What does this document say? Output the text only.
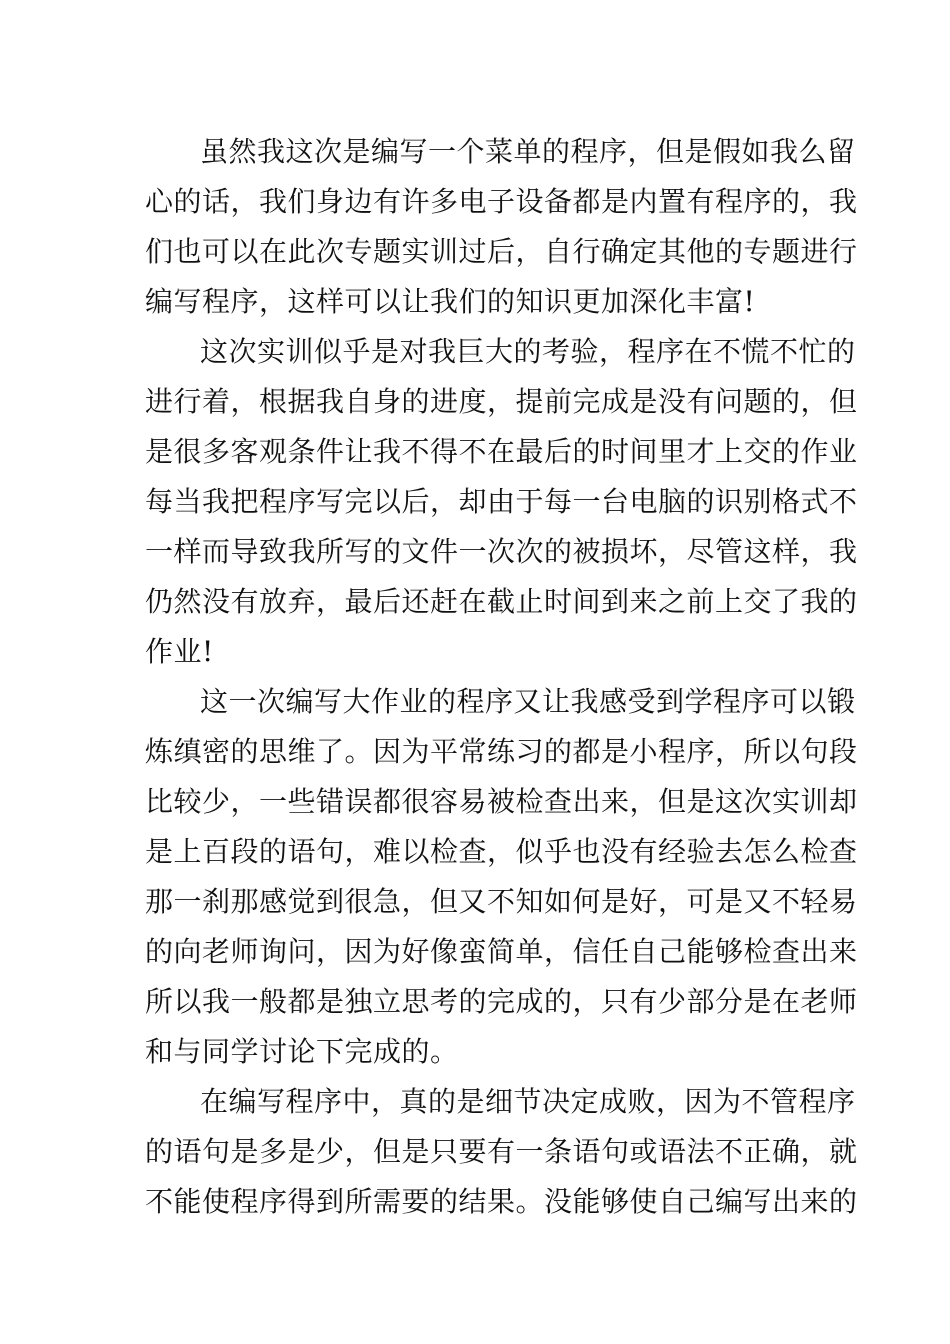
虽然我这次是编写一个菜单的程序，但是假如我么留

心的话，我们身边有许多电子设备都是内置有程序的，我

们也可以在此次专题实训过后，自行确定其他的专题进行

编写程序，这样可以让我们的知识更加深化丰富!

这次实训似乎是对我巨大的考验，程序在不慌不忙的

进行着，根据我自身的进度，提前完成是没有问题的，但

是很多客观条件让我不得不在最后的时间里才上交的作业

每当我把程序写完以后，却由于每一台电脑的识别格式不

一样而导致我所写的文件一次次的被损坏，尽管这样，我

仍然没有放弃，最后还赶在截止时间到来之前上交了我的

作业!

这一次编写大作业的程序又让我感受到学程序可以锻

炼缜密的思维了。因为平常练习的都是小程序，所以句段

比较少，一些错误都很容易被检查出来，但是这次实训却

是上百段的语句，难以检查，似乎也没有经验去怎么检查

那一刹那感觉到很急，但又不知如何是好，可是又不轻易

的向老师询问，因为好像蛮简单，信任自己能够检查出来

所以我一般都是独立思考的完成的，只有少部分是在老师

和与同学讨论下完成的。

在编写程序中，真的是细节决定成败，因为不管程序

的语句是多是少，但是只要有一条语句或语法不正确，就

不能使程序得到所需要的结果。没能够使自己编写出来的
